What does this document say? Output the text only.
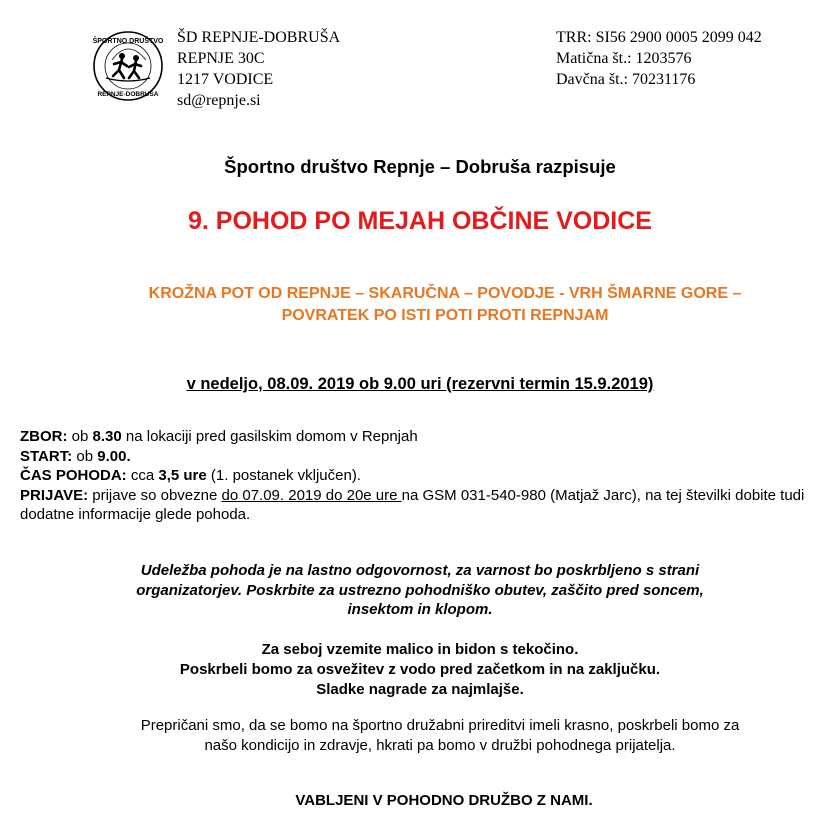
ŠPORTNO DRUŠTVO
REPNJE-DOBRUŠA
ŠD REPNJE-DOBRUŠA
REPNJE 30C
1217 VODICE
sd@repnje.si
TRR: SI56 2900 0005 2099 042
Matična št.: 1203576
Davčna št.: 70231176
Športno društvo Repnje – Dobruša razpisuje
9. POHOD PO MEJAH OBČINE VODICE
KROŽNA POT OD REPNJE – SKARUČNA – POVODJE - VRH ŠMARNE GORE –
POVRATEK PO ISTI POTI PROTI REPNJAM
v nedeljo, 08.09. 2019 ob 9.00 uri (rezervni termin 15.9.2019)
ZBOR: ob 8.30 na lokaciji pred gasilskim domom v Repnjah
START: ob 9.00.
ČAS POHODA: cca 3,5 ure (1. postanek vključen).
PRIJAVE: prijave so obvezne do 07.09. 2019 do 20e ure na GSM 031-540-980 (Matjaž Jarc), na tej številki dobite tudi dodatne informacije glede pohoda.
Udeležba pohoda je na lastno odgovornost, za varnost bo poskrbljeno s strani
organizatorjev. Poskrbite za ustrezno pohodniško obutev, zaščito pred soncem,
insektom in klopom.
Za seboj vzemite malico in bidon s tekočino.
Poskrbeli bomo za osvežitev z vodo pred začetkom in na zaključku.
Sladke nagrade za najmlajše.
Prepričani smo, da se bomo na športno družabni prireditvi imeli krasno, poskrbeli bomo za
našo kondicijo in zdravje, hkrati pa bomo v družbi pohodnega prijatelja.
VABLJENI V POHODNO DRUŽBO Z NAMI.
